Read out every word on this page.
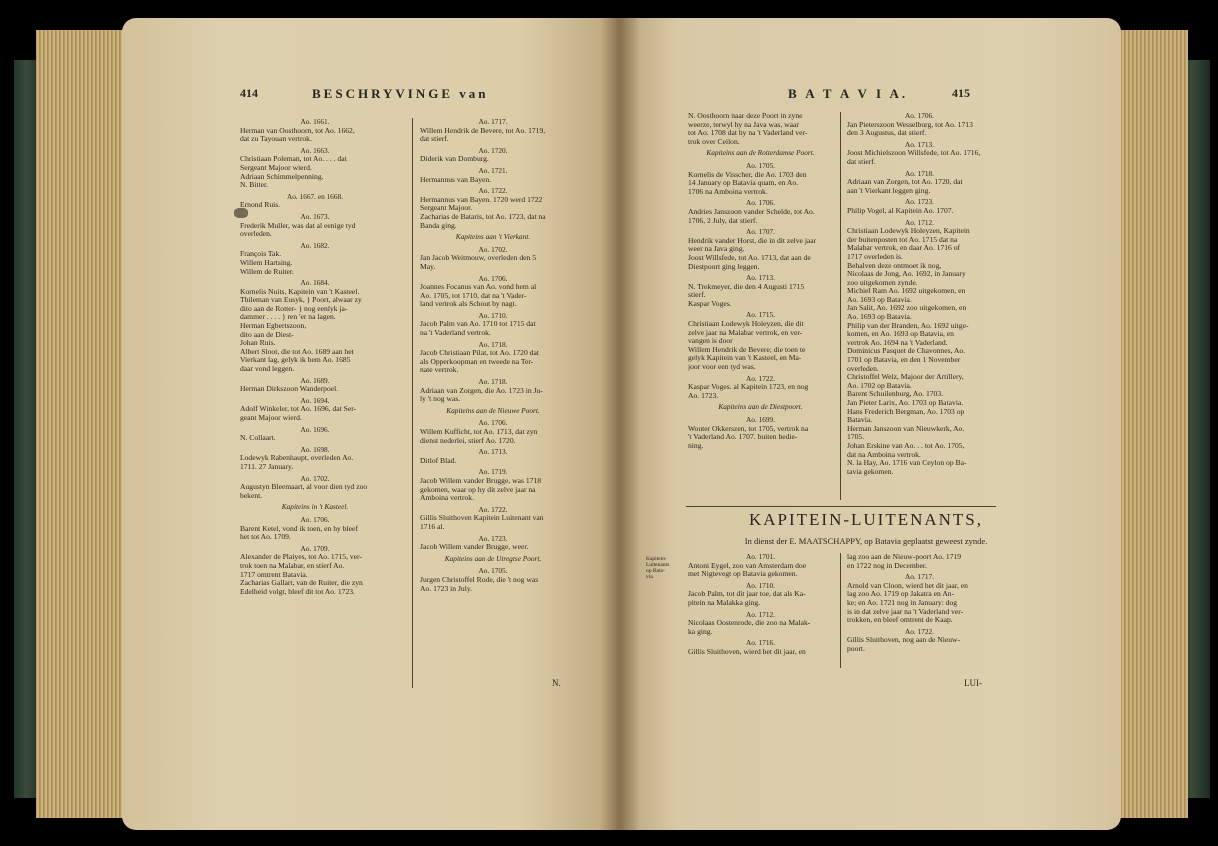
414	BESCHRYVINGE van
Ao. 1661.
Herman van Oosthoorn, tot Ao. 1662,
dat zu Tayouan vertrok.
Ao. 1663.
Christiaan Poleman, tot Ao. . . . dat
Sergeant Majoor wierd.
Adriaan Schimmelpenning.
N. Bitter.
Ao. 1667. en 1668.
Ernond Ruis.
Ao. 1673.
Frederik Muller, was dat al eenige tyd
overleden.
Ao. 1682.
François Tak.
Willem Hartsing.
Willem de Ruiter.
Ao. 1684.
Kornelis Nuits, Kapitein van 't Kasteel.
Thileman van Eusyk, } Poort, alwaar zy
dito aan de Rotter- } nog eenlyk ja-
dammer . . . . } ren 'er na lagen.
Herman Egbertszoon,
dito aan de Diest-
Johan Ruis.
Albert Sloot, die tot Ao. 1689 aan het
Vierkant lag, gelyk ik hem Ao. 1685
daar vond leggen.
Ao. 1689.
Herman Dirkszoon Wanderpoel.
Ao. 1694.
Adolf Winkeler, tot Ao. 1696, dat Ser-
geant Majoor wierd.
Ao. 1696.
N. Collaart.
Ao. 1698.
Lodewyk Rabenhaupt, overleden Ao.
1711. 27 January.
Ao. 1702.
Augustyn Bleemaart, al voor dien tyd zoo
bekent.
Kapiteins in 't Kasteel.
Ao. 1706.
Barent Ketel, vond ik toen, en hy bleef
het tot Ao. 1709.
Ao. 1709.
Alexander de Plaiyes, tot Ao. 1715, ver-
trok toen na Malabar, en stierf Ao.
1717 omtrent Batavia.
Zacharias Gallart, van de Ruiter, die zyn
Edelheid volgt, bleef dit tot Ao. 1723.
Ao. 1717.
Willem Hendrik de Bevere, tot Ao. 1719,
dat stierf.
Ao. 1720.
Diderik van Domburg.
Ao. 1721.
Hermannus van Bayen.
Ao. 1722.
Hermannus van Bayen. 1720 werd 1722
Sergeant Majoor.
Zacharias de Bataris, tot Ao. 1723, dat na
Banda ging.
Kapiteins aan 't Vierkant.
Ao. 1702.
Jan Jacob Weitmouw, overleden den 5
May.
Ao. 1706.
Joannes Focanus van Ao. vond hem al
Ao. 1705, tot 1710, dat na 't Vader-
land vertrok als Schout by nagt.
Ao. 1710.
Jacob Palm van Ao. 1710 tot 1715 dat
na 't Vaderland vertrok.
Ao. 1718.
Jacob Christiaan Pilat, tot Ao. 1720 dat
als Opperkoopman en tweede na Ter-
nate vertrok.
Ao. 1718.
Adriaan van Zorgen, die Ao. 1723 in Ju-
ly 't nog was.
Kapiteins aan de Nieuwe Poort.
Ao. 1706.
Willem Kufficht, tot Ao. 1713, dat zyn
dienst nederlei, stierf Ao. 1720.
Ao. 1713.
Ditlof Blad.
Ao. 1719.
Jacob Willem vander Brugge, was 1718
gekomen, waar op hy dit zelve jaar na
Amboina vertrok.
Ao. 1722.
Gillis Sluithoven Kapitein Luitenant van
1716 al.
Ao. 1723.
Jacob Willem vander Brugge, weer.
Kapiteins aan de Utregtse Poort.
Ao. 1705.
Jurgen Christoffel Rode, die 't nog was
Ao. 1723 in July.
N.
B A T A V I A.	415
N. Oosthoorn naar deze Poort in zyne
weerze, terwyl hy na Java was, waar
tot Ao. 1708 dat hy na 't Vaderland ver-
trok over Ceilon.
Kapiteins aan de Rotterdamse Poort.
Ao. 1705.
Kornelis de Visscher, die Ao. 1703 den
14 January op Batavia quam, en Ao.
1706 na Amboina vertrok.
Ao. 1706.
Andries Janszoon vander Schelde, tot Ao.
1706, 2 July, dat stierf.
Ao. 1707.
Hendrik vander Horst, die in dit zelve jaar
weer na Java ging.
Joost Willsfede, tot Ao. 1713, dat aan de
Diestpoort ging leggen.
Ao. 1713.
N. Trekmeyer, die den 4 Augusti 1715
stierf.
Kaspar Voges.
Ao. 1715.
Christiaan Lodewyk Holeyzen, die dit
zelve jaar na Malabar vertrok, en ver-
vangen is door
Willem Hendrik de Bevere; die toen te
gelyk Kapitein van 't Kasteel, en Ma-
joor voor een tyd was.
Ao. 1722.
Kaspar Voges. al Kapitein 1723, en nog
Ao. 1723.
Kapiteins aan de Diestpoort.
Ao. 1699.
Wouter Okkerszen, tot 1705, vertrok na
't Vaderland Ao. 1707. buiten bedie-
ning.
Ao. 1706.
Jan Pieterszoon Wesselburg, tot Ao. 1713
den 3 Augustus, dat stierf.
Ao. 1713.
Joost Michielszoon Willsfede, tot Ao. 1716,
dat stierf.
Ao. 1718.
Adriaan van Zorgen, tot Ao. 1720, dat
aan 't Vierkant leggen ging.
Ao. 1723.
Philip Vogel, al Kapitein Ao. 1707.
Ao. 1712.
Christiaan Lodewyk Holeyzen, Kapitein
der buitenposten tot Ao. 1715 dat na
Malabar vertrok, en daar Ao. 1716 of
1717 overleden is.
Behalven deze ontmoet ik nog,
Nicolaas de Jong, Ao. 1692, in January
zoo uitgekomen zynde.
Michiel Ram Ao. 1692 uitgekomen, en
Ao. 1693 op Batavia.
Jan Salit, Ao. 1692 zoo uitgekomen, en
Ao. 1693 op Batavia.
Philip van der Branden, Ao. 1692 uitge-
komen, en Ao. 1693 op Batavia, en
vertrok Ao. 1694 na 't Vaderland.
Dominicus Pasquet de Chavonnes, Ao.
1701 op Batavia, en den 1 November
overleden.
Christoffel Welz, Majoor der Artillery,
Ao. 1702 op Batavia.
Barent Schuilenburg, Ao. 1703.
Jan Pieter Larix, Ao. 1703 op Batavia.
Hans Frederich Bergman, Ao. 1703 op
Batavia.
Herman Janszoon van Nieuwkerk, Ao.
1705.
Johan Erskine van Ao. . . tot Ao. 1705,
dat na Amboina vertrok.
N. la Hay, Ao. 1716 van Ceylon op Ba-
tavia gekomen.
KAPITEIN-LUITENANTS,
In dienst der E. MAATSCHAPPY, op Batavia geplaatst geweest zynde.
Kapitein-
Luitenants
op Bata-
via.
Ao. 1701.
Antoni Eygel, zoo van Amsterdam doe
met Nigtevegt op Batavia gekomen.
Ao. 1710.
Jacob Palm, tot dit jaar toe, dat als Ka-
pitein na Malakka ging.
Ao. 1712.
Nicolaas Oostenrode, die zoo na Malak-
ka ging.
Ao. 1716.
Gillis Sluithoven, wierd het dit jaar, en
lag zoo aan de Nieuw-poort Ao. 1719
en 1722 nog in December.
Ao. 1717.
Arnold van Cloon, wierd het dit jaar, en
lag zoo Ao. 1719 op Jakatra en An-
ke; en Ao. 1721 nog in January: dog
is in dat zelve jaar na 't Vaderland ver-
trokken, en bleef omtrent de Kaap.
Ao. 1722.
Gillis Sluithoven, nog aan de Nieuw-
poort.
LUI-
